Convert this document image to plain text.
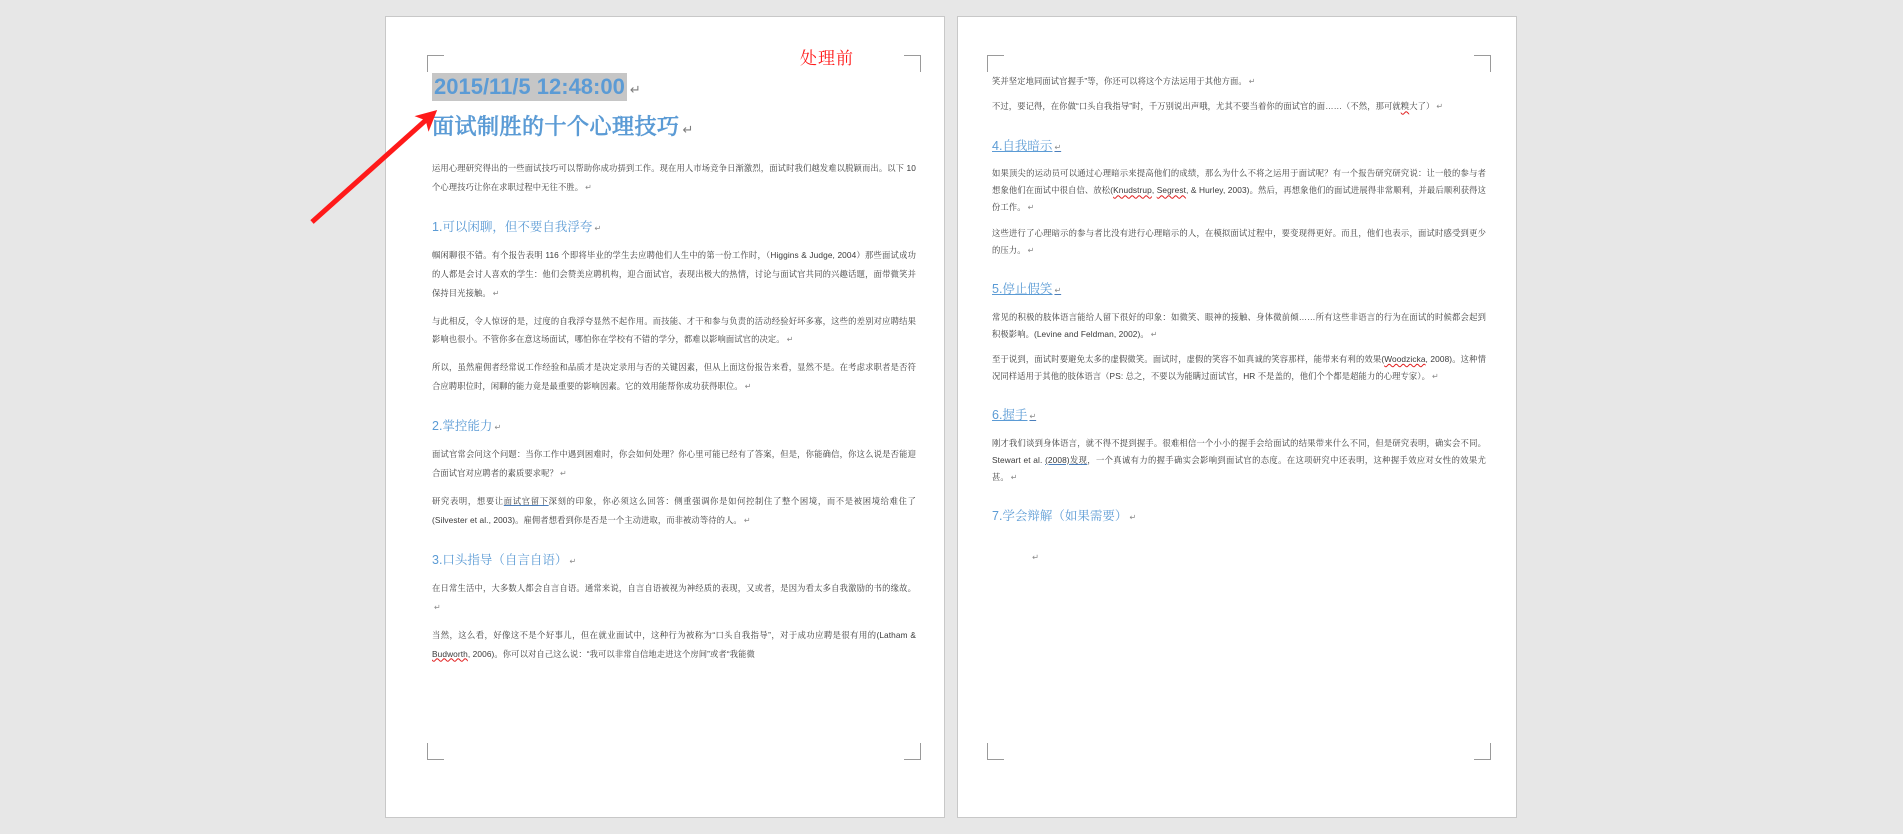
2015/11/5 12:48:00 ↵
面试制胜的十个心理技巧 ↵

运用心理研究得出的一些面试技巧可以帮助你成功挵到工作。现在用人市场竞争日渐激烈，面试时我们越发难以脱颖而出。以下 10 个心理技巧让你在求职过程中无往不胜。 ↵

1.可以闲聊，但不要自我浮夸 ↵

帼闲聊很不错。有个报告表明 116 个即将毕业的学生去应聘他们人生中的第一份工作时，（Higgins & Judge, 2004）那些面试成功的人都是会讨人喜欢的学生：他们会赞美应聘机构，迎合面试官，表现出极大的热情，讨论与面试官共同的兴趣话题，面带微笑并保持目光接触。 ↵

与此相反，令人惊讶的是，过度的自我浮夸显然不起作用。而技能、才干和参与负责的活动经验好坏多寡，这些的差别对应聘结果影响也很小。不管你多在意这场面试，哪怕你在学校有不错的学分，都难以影响面试官的决定。 ↵

所以，虽然雇佣者经常说工作经验和品质才是决定录用与否的关键因素，但从上面这份报告来看，显然不是。在考虑求职者是否符合应聘职位时，闲聊的能力竟是最重要的影响因素。它的效用能帮你成功获得职位。 ↵

2.掌控能力 ↵

面试官常会问这个问题：当你工作中遇到困难时，你会如何处理？你心里可能已经有了答案，但是，你能确信，你这么说是否能迎合面试官对应聘者的素质要求呢？ ↵

研究表明，想要让面试官留下深刻的印象，你必须这么回答：侧重强调你是如何控制住了整个困境，而不是被困境给难住了(Silvester et al., 2003)。雇佣者想看到你是否是一个主动进取，而非被动等待的人。 ↵

3.口头指导（自言自语） ↵

在日常生活中，大多数人都会自言自语。通常来说，自言自语被视为神经质的表现，又或者，是因为看太多自我激励的书的缘故。↵

当然，这么看，好像这不是个好事儿，但在就业面试中，这种行为被称为“口头自我指导”，对于成功应聘是很有用的(Latham & Budworth, 2006)。你可以对自己这么说：“我可以非常自信地走进这个房间”或者“我能微

笑并坚定地同面试官握手”等，你还可以将这个方法运用于其他方面。 ↵

不过，要记得，在你做“口头自我指导”时，千万别说出声哦，尤其不要当着你的面试官的面……（不然，那可就糗大了） ↵

4.自我暗示 ↵

如果顶尖的运动员可以通过心理暗示来提高他们的成绩，那么为什么不将之运用于面试呢？有一个报告研究研究说：让一般的参与者想象他们在面试中很自信、放松(Knudstrup, Segrest, & Hurley, 2003)。然后，再想象他们的面试进展得非常顺利，并最后顺利获得这份工作。 ↵

这些进行了心理暗示的参与者比没有进行心理暗示的人，在模拟面试过程中，要变现得更好。而且，他们也表示，面试时感受到更少的压力。 ↵

5.停止假笑 ↵

常见的积极的肢体语言能给人留下很好的印象：如微笑、眼神的接触、身体微前倾……所有这些非语言的行为在面试的时候都会起到积极影响。(Levine and Feldman, 2002)。 ↵

至于说到，面试时要避免太多的虚假微笑。面试时，虚假的笑容不如真诚的笑容那样，能带来有利的效果(Woodzicka, 2008)。这种情况同样适用于其他的肢体语言（PS: 总之，不要以为能瞒过面试官，HR 不是盖的，他们个个都是超能力的心理专家）。 ↵

6.握手 ↵

刚才我们谈到身体语言，就不得不提到握手。很难相信一个小小的握手会给面试的结果带来什么不同，但是研究表明，确实会不同。Stewart et al. (2008)发现，一个真诚有力的握手确实会影响到面试官的态度。在这项研究中还表明，这种握手效应对女性的效果尤甚。 ↵

7.学会辩解（如果需要） ↵

↵

处理前
